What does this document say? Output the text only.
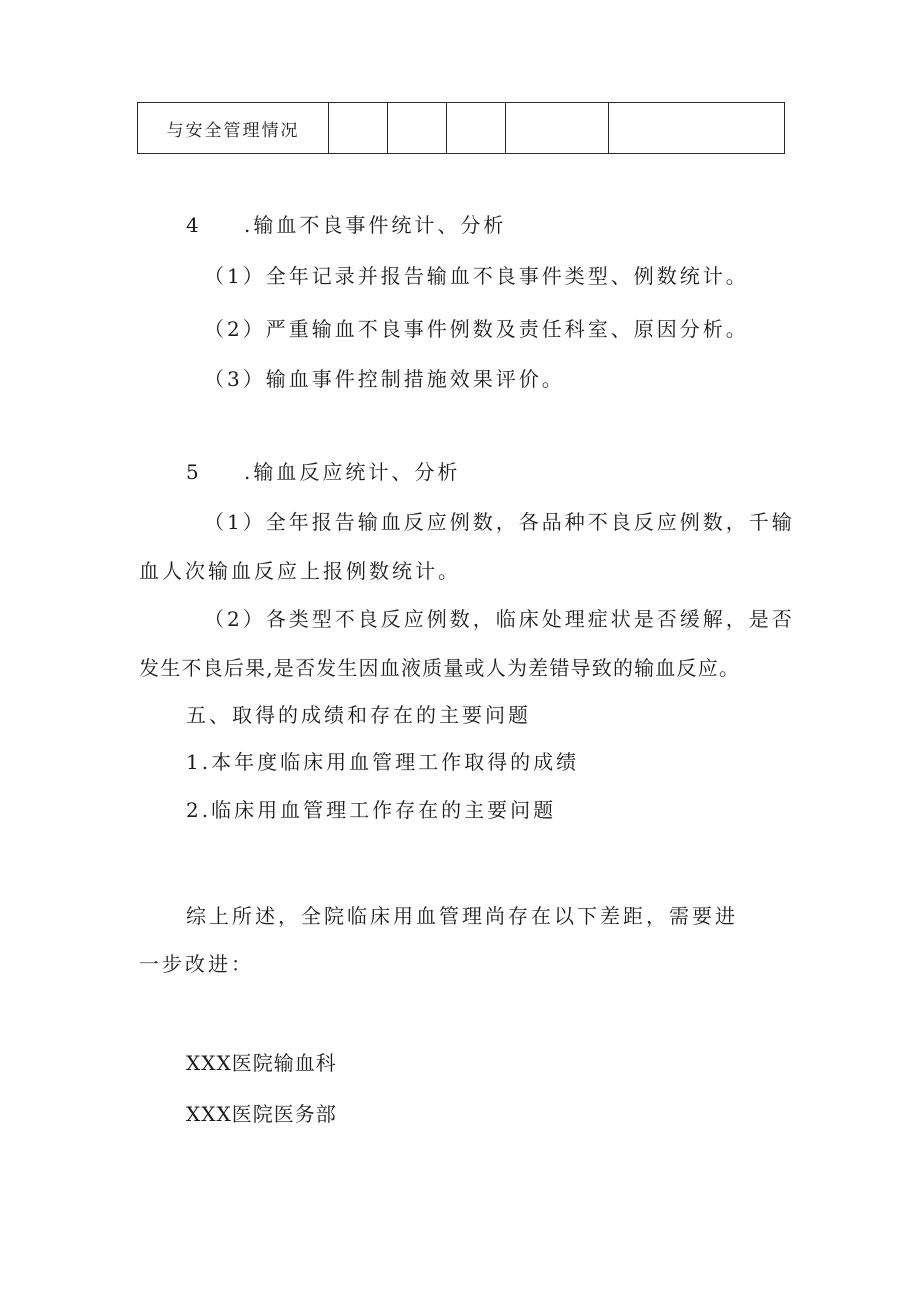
与安全管理情况					
4 .输血不良事件统计、分析
（1）全年记录并报告输血不良事件类型、例数统计。
（2）严重输血不良事件例数及责任科室、原因分析。
（3）输血事件控制措施效果评价。
5 .输血反应统计、分析
（1）全年报告输血反应例数，各品种不良反应例数，千输
血人次输血反应上报例数统计。
（2）各类型不良反应例数，临床处理症状是否缓解，是否
发生不良后果,是否发生因血液质量或人为差错导致的输血反应。
五、取得的成绩和存在的主要问题
1.本年度临床用血管理工作取得的成绩
2.临床用血管理工作存在的主要问题
综上所述，全院临床用血管理尚存在以下差距，需要进
一步改进：
XXX医院输血科
XXX医院医务部
